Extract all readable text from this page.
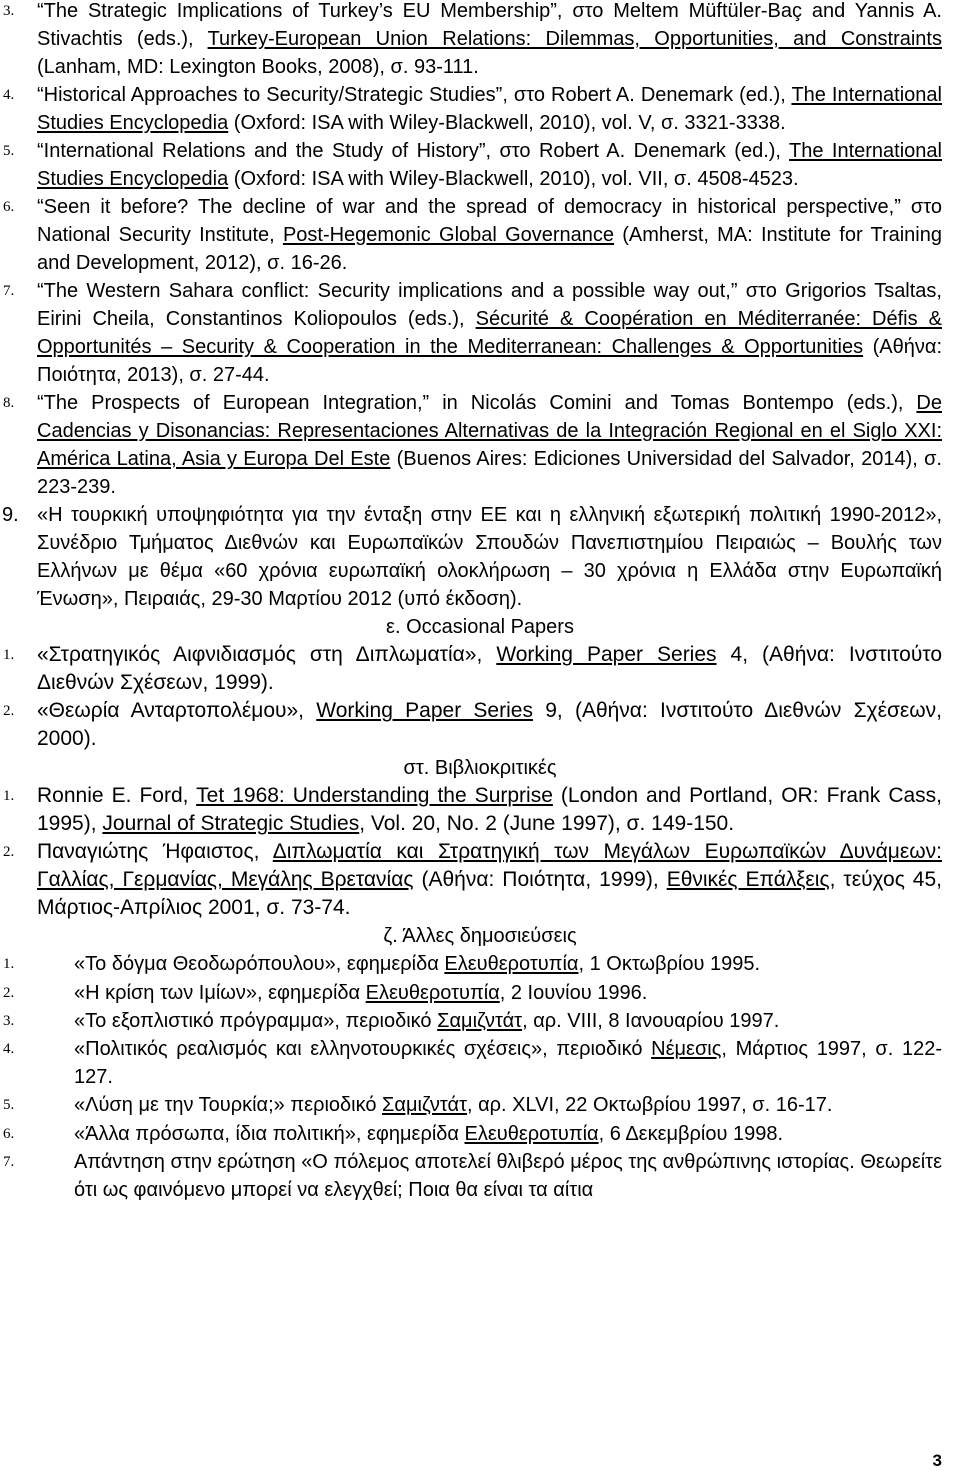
3. “The Strategic Implications of Turkey’s EU Membership”, στο Meltem Müftüler-Baç and Yannis A. Stivachtis (eds.), Turkey-European Union Relations: Dilemmas, Opportunities, and Constraints (Lanham, MD: Lexington Books, 2008), σ. 93-111.
4. “Historical Approaches to Security/Strategic Studies”, στο Robert A. Denemark (ed.), The International Studies Encyclopedia (Oxford: ISA with Wiley-Blackwell, 2010), vol. V, σ. 3321-3338.
5. “International Relations and the Study of History”, στο Robert A. Denemark (ed.), The International Studies Encyclopedia (Oxford: ISA with Wiley-Blackwell, 2010), vol. VII, σ. 4508-4523.
6. “Seen it before? The decline of war and the spread of democracy in historical perspective,” στο National Security Institute, Post-Hegemonic Global Governance (Amherst, MA: Institute for Training and Development, 2012), σ. 16-26.
7. “The Western Sahara conflict: Security implications and a possible way out,” στο Grigorios Tsaltas, Eirini Cheila, Constantinos Koliopoulos (eds.), Sécurité & Coopération en Méditerranée: Défis & Opportunités – Security & Cooperation in the Mediterranean: Challenges & Opportunities (Αθήνα: Ποιότητα, 2013), σ. 27-44.
8. “The Prospects of European Integration,” in Nicolás Comini and Tomas Bontempo (eds.), De Cadencias y Disonancias: Representaciones Alternativas de la Integración Regional en el Siglo XXI: América Latina, Asia y Europa Del Este (Buenos Aires: Ediciones Universidad del Salvador, 2014), σ. 223-239.
9. «Η τουρκική υποψηφιότητα για την ένταξη στην ΕΕ και η ελληνική εξωτερική πολιτική 1990-2012», Συνέδριο Τμήματος Διεθνών και Ευρωπαϊκών Σπουδών Πανεπιστημίου Πειραιώς – Βουλής των Ελλήνων με θέμα «60 χρόνια ευρωπαϊκή ολοκλήρωση – 30 χρόνια η Ελλάδα στην Ευρωπαϊκή Ένωση», Πειραιάς, 29-30 Μαρτίου 2012 (υπό έκδοση).
ε. Occasional Papers
1. «Στρατηγικός Αιφνιδιασμός στη Διπλωματία», Working Paper Series 4, (Αθήνα: Ινστιτούτο Διεθνών Σχέσεων, 1999).
2. «Θεωρία Ανταρτοπολέμου», Working Paper Series 9, (Αθήνα: Ινστιτούτο Διεθνών Σχέσεων, 2000).
στ. Βιβλιοκριτικές
1. Ronnie E. Ford, Tet 1968: Understanding the Surprise (London and Portland, OR: Frank Cass, 1995), Journal of Strategic Studies, Vol. 20, No. 2 (June 1997), σ. 149-150.
2. Παναγιώτης Ήφαιστος, Διπλωματία και Στρατηγική των Μεγάλων Ευρωπαϊκών Δυνάμεων: Γαλλίας, Γερμανίας, Μεγάλης Βρετανίας (Αθήνα: Ποιότητα, 1999), Εθνικές Επάλξεις, τεύχος 45, Μάρτιος-Απρίλιος 2001, σ. 73-74.
ζ. Άλλες δημοσιεύσεις
1.	«Το δόγμα Θεοδωρόπουλου», εφημερίδα Ελευθεροτυπία, 1 Οκτωβρίου 1995.
2.	«Η κρίση των Ιμίων», εφημερίδα Ελευθεροτυπία, 2 Ιουνίου 1996.
3.	«Το εξοπλιστικό πρόγραμμα», περιοδικό Σαμιζντάτ, αρ. VIII, 8 Ιανουαρίου 1997.
4.	«Πολιτικός ρεαλισμός και ελληνοτουρκικές σχέσεις», περιοδικό Νέμεσις, Μάρτιος 1997, σ. 122-127.
5.	«Λύση με την Τουρκία;» περιοδικό Σαμιζντάτ, αρ. XLVI, 22 Οκτωβρίου 1997, σ. 16-17.
6.	«Άλλα πρόσωπα, ίδια πολιτική», εφημερίδα Ελευθεροτυπία, 6 Δεκεμβρίου 1998.
7.	Απάντηση στην ερώτηση «Ο πόλεμος αποτελεί θλιβερό μέρος της ανθρώπινης ιστορίας. Θεωρείτε ότι ως φαινόμενο μπορεί να ελεγχθεί; Ποια θα είναι τα αίτια
3
